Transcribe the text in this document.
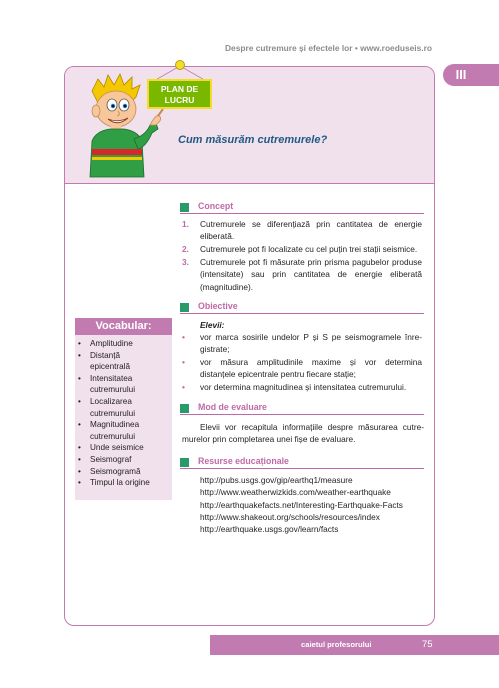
Despre cutremure și efectele lor • www.roeduseis.ro
III
PLAN DE
LUCRU
Cum măsurăm cutremurele?
Concept
1. Cutremurele se diferențiază prin cantitatea de energie
eliberată.
2. Cutremurele pot fi localizate cu cel puțin trei stații seismice.
3. Cutremurele pot fi măsurate prin prisma pagubelor produse
(intensitate) sau prin cantitatea de energie eliberată
(magnitudine).
Obiective
Elevii:
• vor marca sosirile undelor P și S pe seismogramele înre-
gistrate;
• vor măsura amplitudinile maxime și vor determina
distanțele epicentrale pentru fiecare stație;
• vor determina magnitudinea și intensitatea cutremurului.
Mod de evaluare
Elevii vor recapitula informațiile despre măsurarea cutre-
murelor prin completarea unei fișe de evaluare.
Resurse educaționale
http://pubs.usgs.gov/gip/earthq1/measure
http://www.weatherwizkids.com/weather-earthquake
http://earthquakefacts.net/Interesting-Earthquake-Facts
http://www.shakeout.org/schools/resources/index
http://earthquake.usgs.gov/learn/facts
Vocabular:
• Amplitudine
• Distanță
epicentrală
• Intensitatea
cutremurului
• Localizarea
cutremurului
• Magnitudinea
cutremurului
• Unde seismice
• Seismograf
• Seismogramă
• Timpul la origine
caietul profesorului	75
